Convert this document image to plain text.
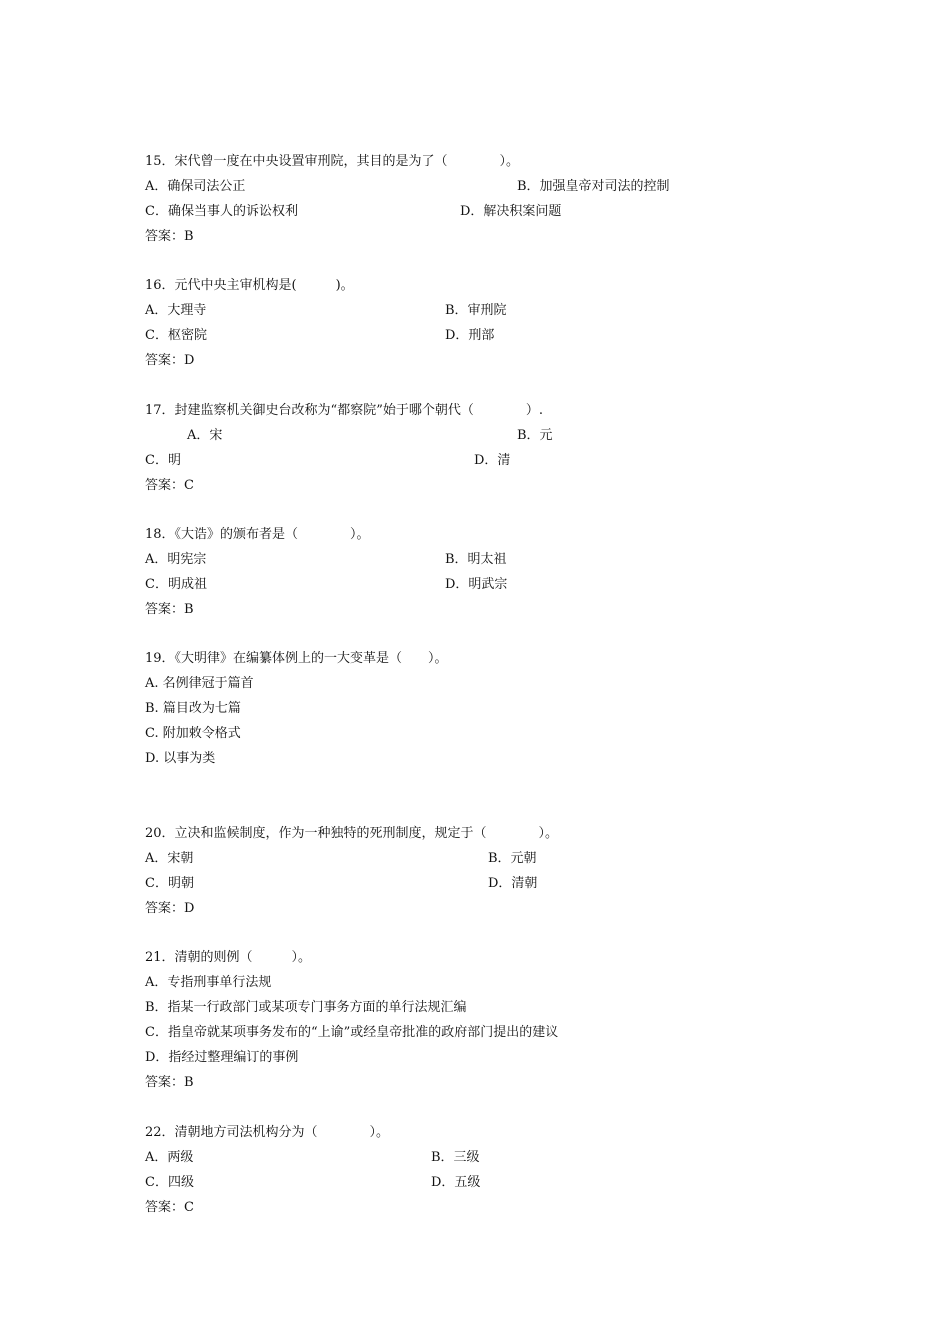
15．宋代曾一度在中央设置审刑院，其目的是为了（　　　　）。
A．确保司法公正	B．加强皇帝对司法的控制
C．确保当事人的诉讼权利	D．解决积案问题
答案：B
16．元代中央主审机构是(　　　)。
A．大理寺	B．审刑院
C．枢密院	D．刑部
答案：D
17．封建监察机关御史台改称为“都察院”始于哪个朝代（　　　　）.
A．宋	B．元
C．明	D．清
答案：C
18．《大诰》的颁布者是（　　　　）。
A．明宪宗	B．明太祖
C．明成祖	D．明武宗
答案：B
19．《大明律》在编纂体例上的一大变革是（　　）。
A. 名例律冠于篇首
B. 篇目改为七篇
C. 附加敕令格式
D. 以事为类
20．立决和监候制度，作为一种独特的死刑制度，规定于（　　　　）。
A．宋朝	B．元朝
C．明朝	D．清朝
答案：D
21．清朝的则例（　　　）。
A．专指刑事单行法规
B．指某一行政部门或某项专门事务方面的单行法规汇编
C．指皇帝就某项事务发布的“上谕”或经皇帝批准的政府部门提出的建议
D．指经过整理编订的事例
答案：B
22．清朝地方司法机构分为（　　　　）。
A．两级	B．三级
C．四级	D．五级
答案：C
